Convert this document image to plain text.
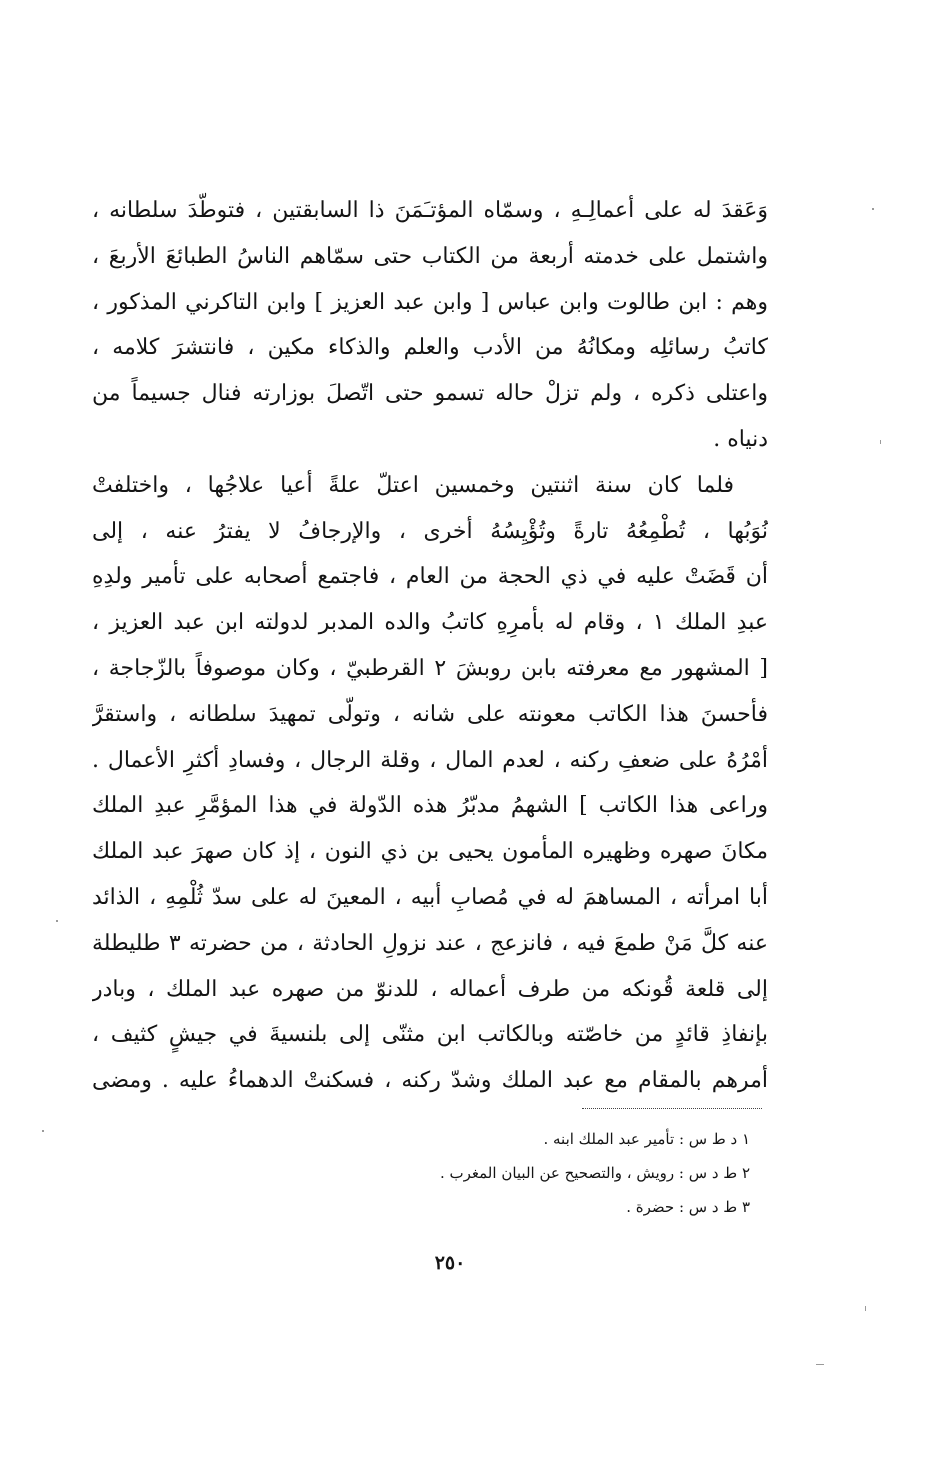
وَعَقدَ له على أعمالِـهِ ، وسمّاه المؤتـَمَنَ ذا السابقتين ، فتوطّدَ سلطانه ،
واشتمل على خدمته أربعة من الكتاب حتى سمّاهم الناسُ الطبائعَ الأربعَ ،
وهم : ابن طالوت وابن عباس [ وابن عبد العزيز ] وابن التاكرني المذكور ،
كاتبُ رسائلِه ومكانُهُ من الأدب والعلم والذكاء مكين ، فانتشرَ كلامه ،
واعتلى ذكره ، ولم تزلْ حاله تسمو حتى اتّصلَ بوزارته فنال جسيماً من
دنياه .
فلما كان سنة اثنتين وخمسين اعتلّ علةً أعيا علاجُها ، واختلفتْ
نُوَبُها ، تُطْمِعُهُ تارةً وتُؤْيِسُهُ أخرى ، والإرجافُ لا يفترُ عنه ، إلى
أن قَضَتْ عليه في ذي الحجة من العام ، فاجتمع أصحابه على تأمير ولدِهِ
عبدِ الملك ١ ، وقام له بأمرِهِ كاتبُ والده المدبر لدولته ابن عبد العزيز ،
[ المشهور مع معرفته بابن روبشَ ٢ القرطبيّ ، وكان موصوفاً بالزّجاجة ،
فأحسنَ هذا الكاتب معونته على شانه ، وتولّى تمهيدَ سلطانه ، واستقرَّ
أمْرُهُ على ضعفِ ركنه ، لعدم المال ، وقلة الرجال ، وفسادِ أكثرِ الأعمال .
وراعى هذا الكاتب ] الشهمُ مدبّرُ هذه الدّولة في هذا المؤمَّرِ عبدِ الملك
مكانَ صهره وظهيره المأمون يحيى بن ذي النون ، إذ كان صهرَ عبد الملك
أبا امرأته ، المساهمَ له في مُصابِ أبيه ، المعينَ له على سدّ ثُلْمِهِ ، الذائد
عنه كلَّ مَنْ طمعَ فيه ، فانزعج ، عند نزولِ الحادثة ، من حضرته ٣ طليطلة
إلى قلعة قُونكه من طرف أعماله ، للدنوّ من صهره عبد الملك ، وبادر
بإنفاذِ قائدٍ من خاصّته وبالكاتب ابن مثنّى إلى بلنسيةَ في جيشٍ كثيف ،
أمرهم بالمقام مع عبد الملك وشدّ ركنه ، فسكنتْ الدهماءُ عليه . ومضى
١ د ط س : تأمير عبد الملك ابنه .
٢ ط د س : رويش ، والتصحيح عن البيان المغرب .
٣ ط د س : حضرة .
٢٥٠
